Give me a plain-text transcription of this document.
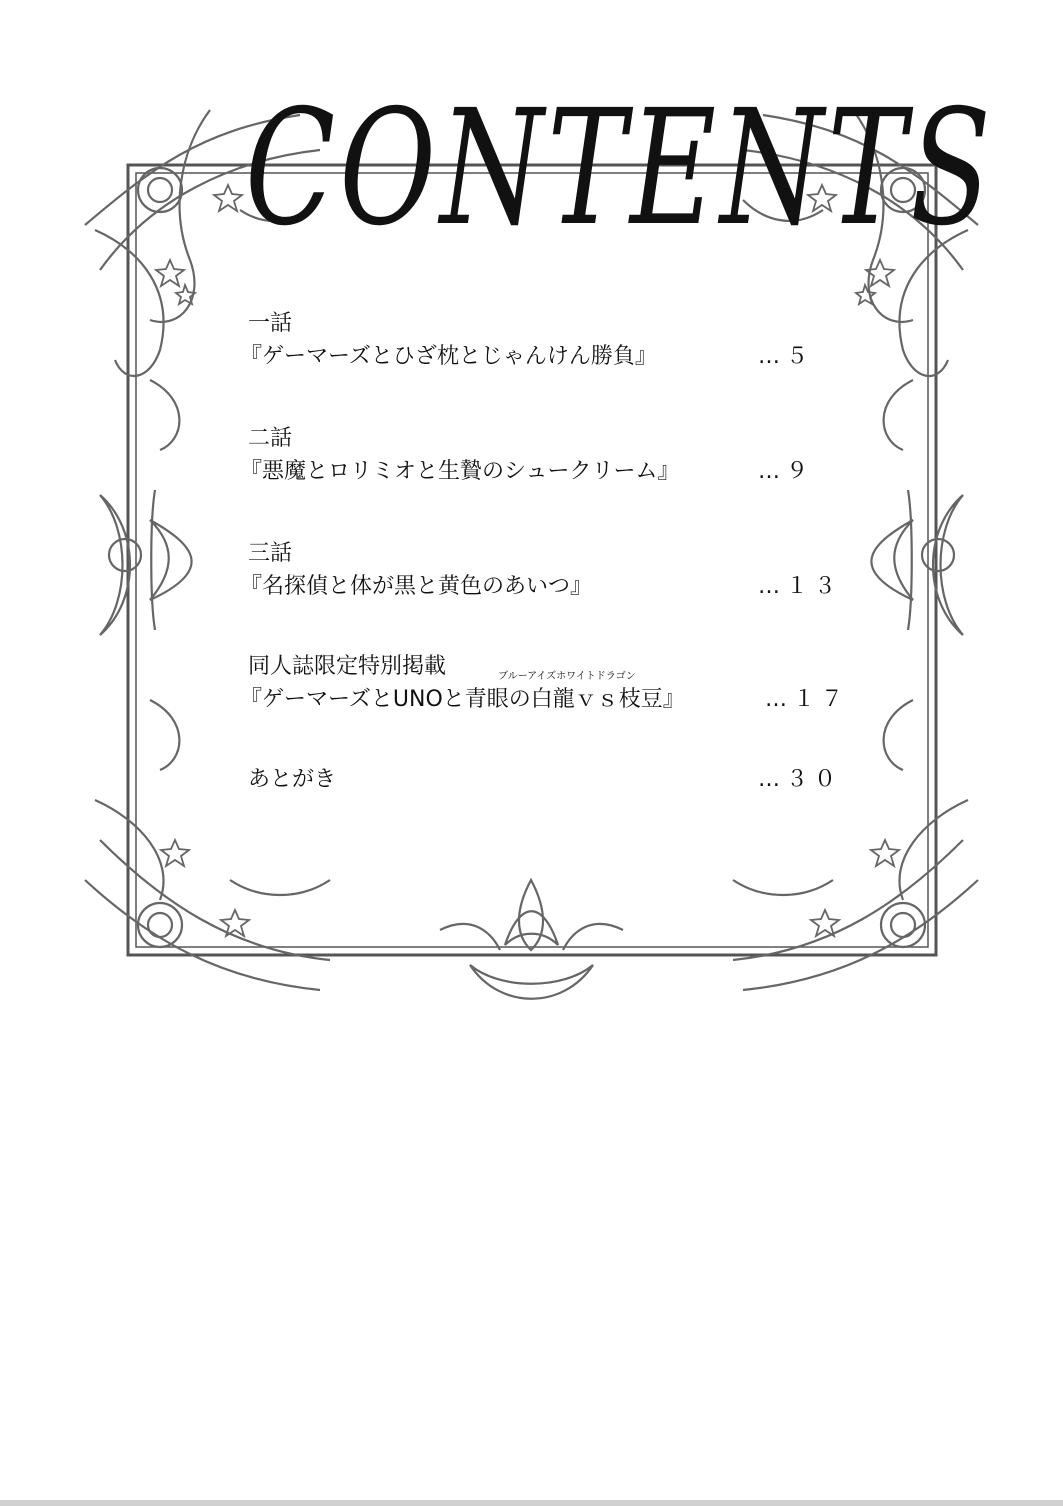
CONTENTS
一話
『ゲーマーズとひざ枕とじゃんけん勝負』	…５
二話
『悪魔とロリミオと生贄のシュークリーム』	…９
三話
『名探偵と体が黒と黄色のあいつ』	…１３
同人誌限定特別掲載	ブルーアイズホワイトドラゴン
『ゲーマーズとUNOと青眼の白龍ｖｓ枝豆』	…１７
あとがき	…３０
